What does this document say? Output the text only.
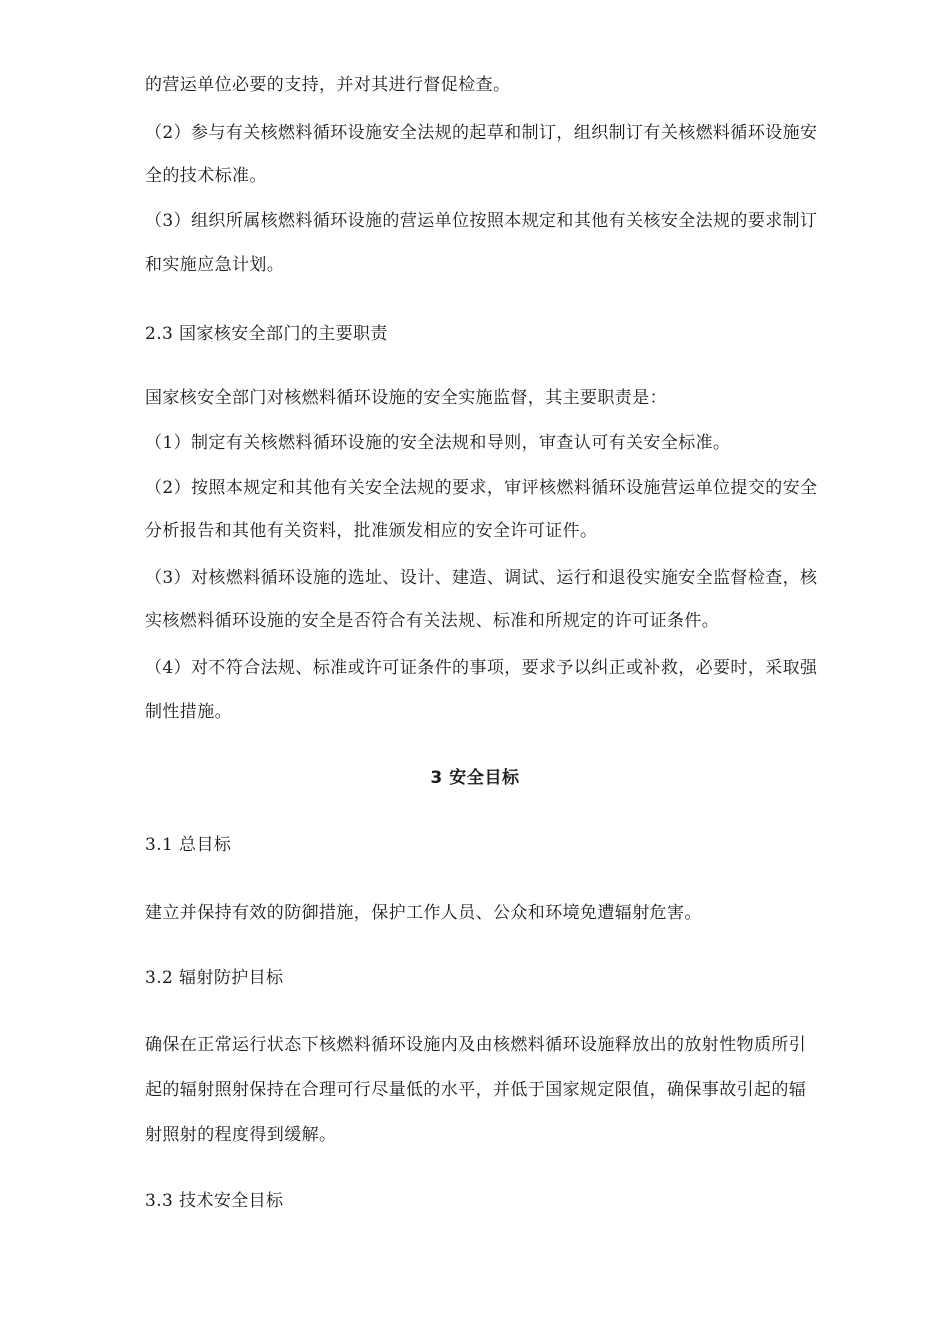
的营运单位必要的支持，并对其进行督促检查。
（2）参与有关核燃料循环设施安全法规的起草和制订，组织制订有关核燃料循环设施安
全的技术标准。
（3）组织所属核燃料循环设施的营运单位按照本规定和其他有关核安全法规的要求制订
和实施应急计划。
2.3 国家核安全部门的主要职责
国家核安全部门对核燃料循环设施的安全实施监督，其主要职责是：
（1）制定有关核燃料循环设施的安全法规和导则，审查认可有关安全标准。
（2）按照本规定和其他有关安全法规的要求，审评核燃料循环设施营运单位提交的安全
分析报告和其他有关资料，批准颁发相应的安全许可证件。
（3）对核燃料循环设施的选址、设计、建造、调试、运行和退役实施安全监督检查，核
实核燃料循环设施的安全是否符合有关法规、标准和所规定的许可证条件。
（4）对不符合法规、标准或许可证条件的事项，要求予以纠正或补救，必要时，采取强
制性措施。
3 安全目标
3.1 总目标
建立并保持有效的防御措施，保护工作人员、公众和环境免遭辐射危害。
3.2 辐射防护目标
确保在正常运行状态下核燃料循环设施内及由核燃料循环设施释放出的放射性物质所引
起的辐射照射保持在合理可行尽量低的水平，并低于国家规定限值，确保事故引起的辐
射照射的程度得到缓解。
3.3 技术安全目标
